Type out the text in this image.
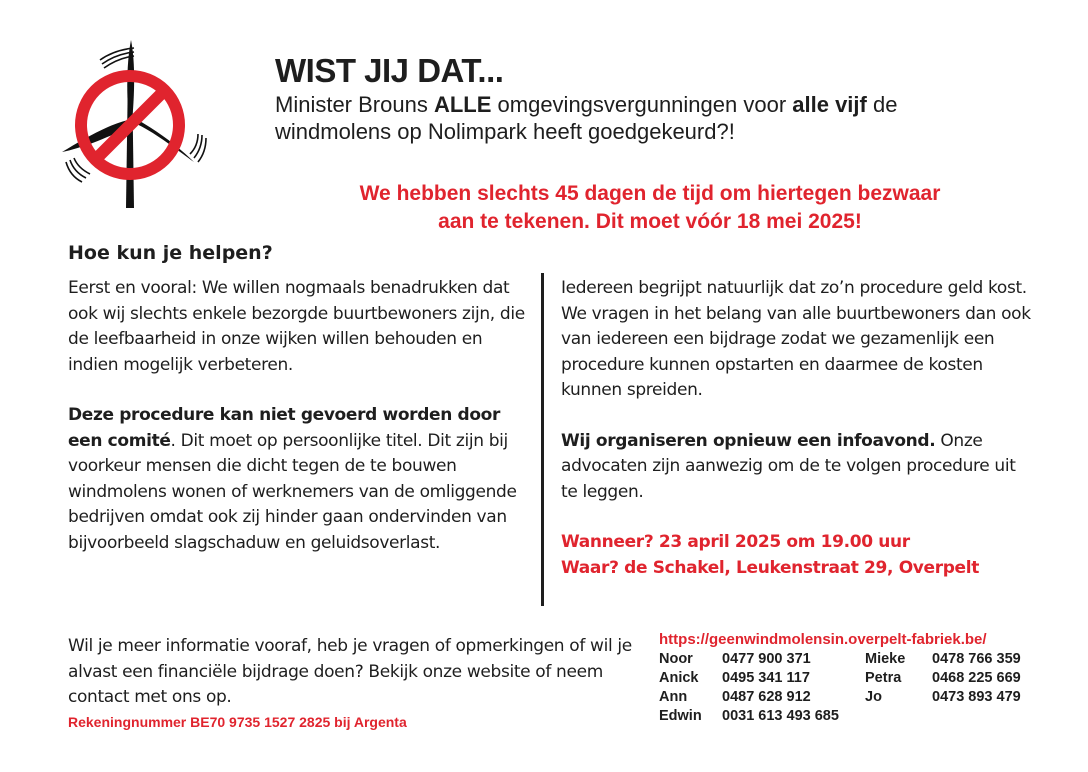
WIST JIJ DAT...
Minister Brouns ALLE omgevingsvergunningen voor alle vijf de windmolens op Nolimpark heeft goedgekeurd?!
We hebben slechts 45 dagen de tijd om hiertegen bezwaar
aan te tekenen. Dit moet vóór 18 mei 2025!
Hoe kun je helpen?

Eerst en vooral: We willen nogmaals benadrukken dat ook wij slechts enkele bezorgde buurtbewoners zijn, die de leefbaarheid in onze wijken willen behouden en indien mogelijk verbeteren.

Deze procedure kan niet gevoerd worden door een comité. Dit moet op persoonlijke titel. Dit zijn bij voorkeur mensen die dicht tegen de te bouwen windmolens wonen of werknemers van de omliggende bedrijven omdat ook zij hinder gaan ondervinden van bijvoorbeeld slagschaduw en geluidsoverlast.

Iedereen begrijpt natuurlijk dat zo’n procedure geld kost. We vragen in het belang van alle buurtbewoners dan ook van iedereen een bijdrage zodat we gezamenlijk een procedure kunnen opstarten en daarmee de kosten kunnen spreiden.

Wij organiseren opnieuw een infoavond. Onze advocaten zijn aanwezig om de te volgen procedure uit te leggen.

Wanneer? 23 april 2025 om 19.00 uur

Waar? de Schakel, Leukenstraat 29, Overpelt

Wil je meer informatie vooraf, heb je vragen of opmerkingen of wil je alvast een financiële bijdrage doen? Bekijk onze website of neem contact met ons op.
Rekeningnummer BE70 9735 1527 2825 bij Argenta
https://geenwindmolensin.overpelt-fabriek.be/
Noor 0477 900 371
Anick 0495 341 117
Ann 0487 628 912
Edwin 0031 613 493 685
Mieke 0478 766 359
Petra 0468 225 669
Jo	0473 893 479
